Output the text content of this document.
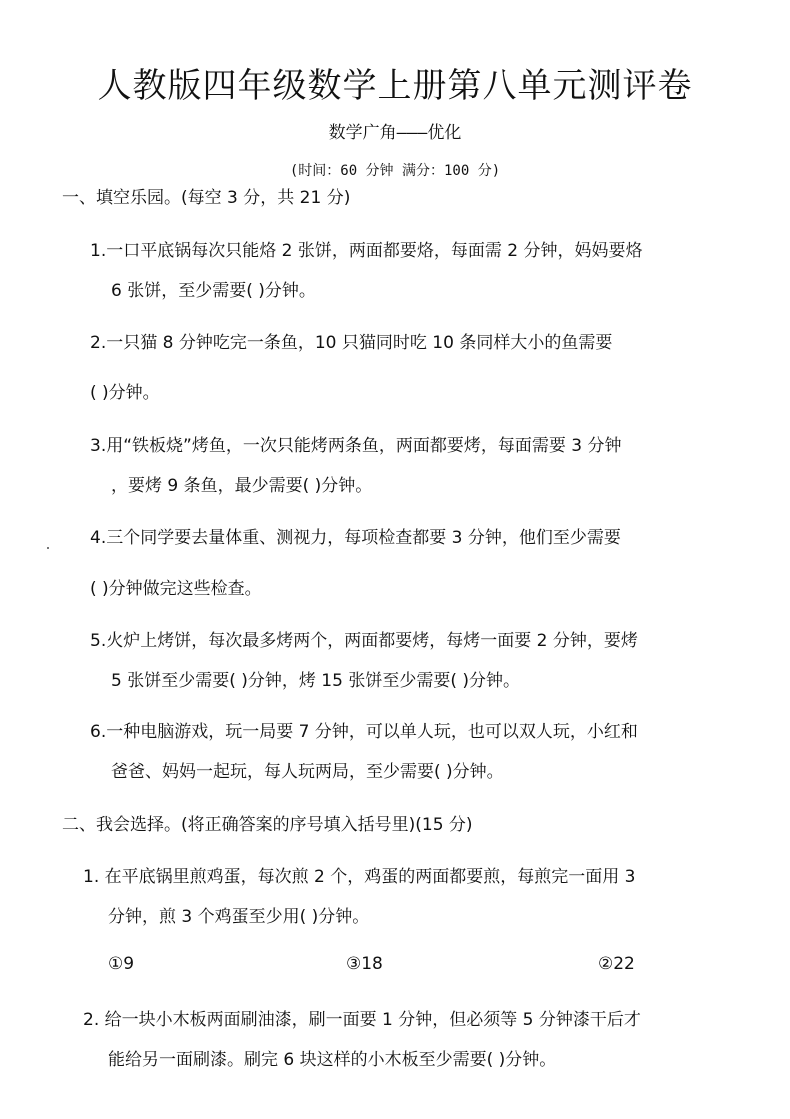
人教版四年级数学上册第八单元测评卷
数学广角———优化
(时间：60 分钟 满分：100 分)
一、填空乐园。(每空 3 分，共 21 分)
1.一口平底锅每次只能烙 2 张饼，两面都要烙，每面需 2 分钟，妈妈要烙
6 张饼，至少需要( )分钟。
2.一只猫 8 分钟吃完一条鱼，10 只猫同时吃 10 条同样大小的鱼需要
( )分钟。
3.用“铁板烧”烤鱼，一次只能烤两条鱼，两面都要烤，每面需要 3 分钟
，要烤 9 条鱼，最少需要( )分钟。
4.三个同学要去量体重、测视力，每项检查都要 3 分钟，他们至少需要
( )分钟做完这些检查。
5.火炉上烤饼，每次最多烤两个，两面都要烤，每烤一面要 2 分钟，要烤
5 张饼至少需要( )分钟，烤 15 张饼至少需要( )分钟。
6.一种电脑游戏，玩一局要 7 分钟，可以单人玩，也可以双人玩，小红和
爸爸、妈妈一起玩，每人玩两局，至少需要( )分钟。
二、我会选择。(将正确答案的序号填入括号里)(15 分)
1. 在平底锅里煎鸡蛋，每次煎 2 个，鸡蛋的两面都要煎，每煎完一面用 3
分钟，煎 3 个鸡蛋至少用( )分钟。
①9	③18	②22
2. 给一块小木板两面刷油漆，刷一面要 1 分钟，但必须等 5 分钟漆干后才
能给另一面刷漆。刷完 6 块这样的小木板至少需要( )分钟。
